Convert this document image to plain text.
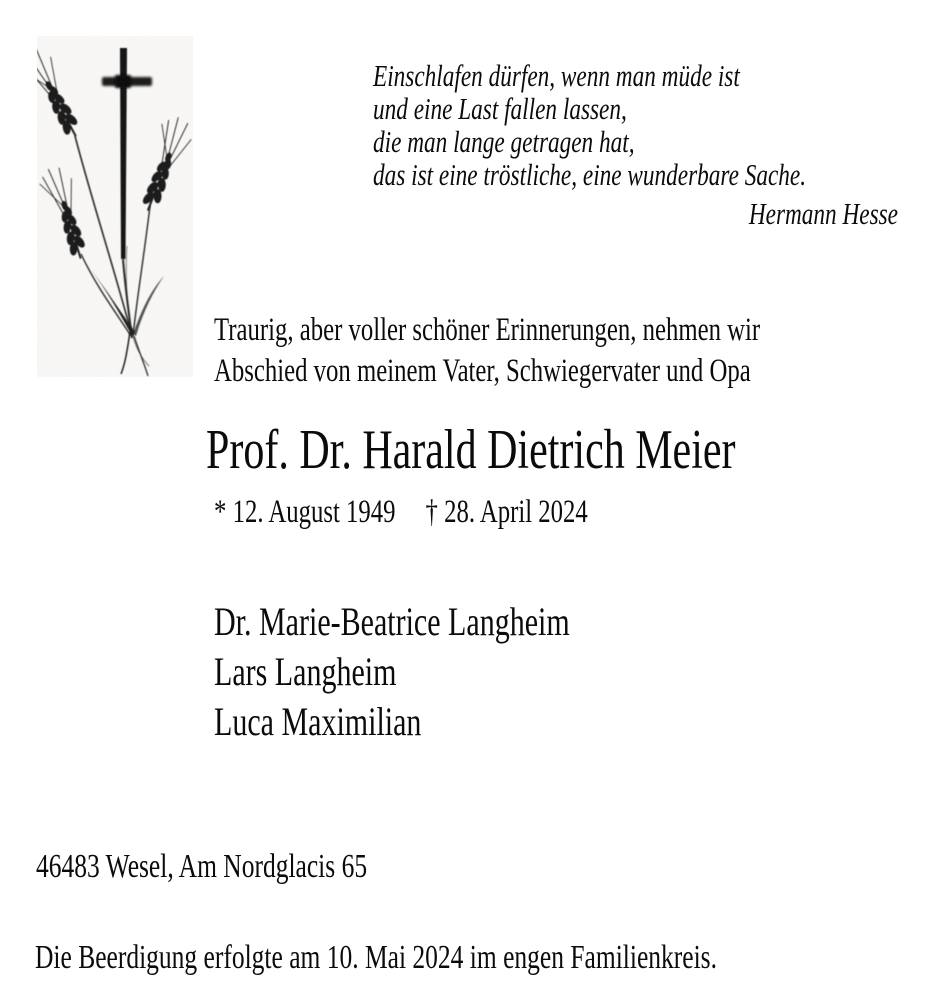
Einschlafen dürfen, wenn man müde ist
und eine Last fallen lassen,
die man lange getragen hat,
das ist eine tröstliche, eine wunderbare Sache.
Hermann Hesse
Traurig, aber voller schöner Erinnerungen, nehmen wir
Abschied von meinem Vater, Schwiegervater und Opa
Prof. Dr. Harald Dietrich Meier
* 12. August 1949 † 28. April 2024
Dr. Marie-Beatrice Langheim
Lars Langheim
Luca Maximilian
46483 Wesel, Am Nordglacis 65
Die Beerdigung erfolgte am 10. Mai 2024 im engen Familienkreis.
